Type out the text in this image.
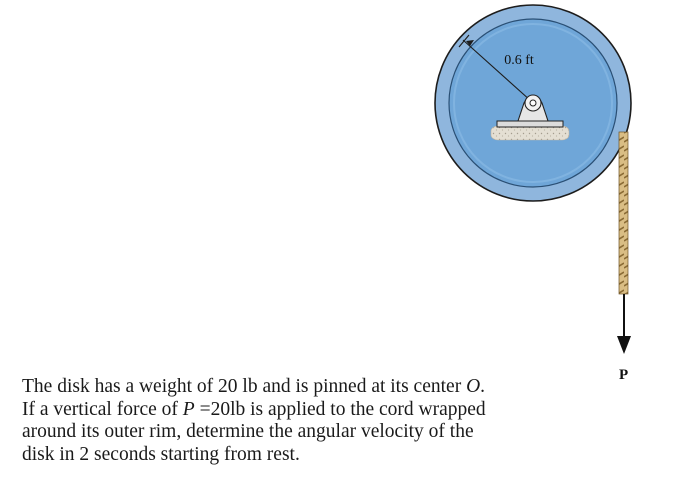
0.6 ft
P

The disk has a weight of 20 lb and is pinned at its center O.
If a vertical force of P =20lb is applied to the cord wrapped
around its outer rim, determine the angular velocity of the
disk in 2 seconds starting from rest.
